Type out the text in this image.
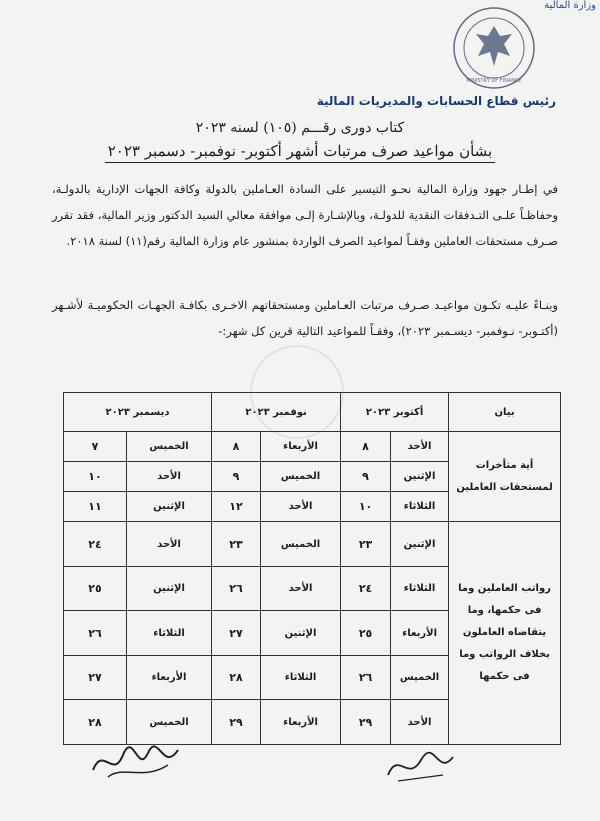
وزارة المالية
MINISTRY OF FINANCE
رئيس قطاع الحسابات والمديريات المالية
كتاب دورى رقـــم (١٠٥) لسنه ٢٠٢٣
بشأن مواعيد صرف مرتبات أشهر أكتوبر- نوفمبر- دسمبر ٢٠٢٣
في إطـار جهود وزارة المالية نحـو التيسير على السادة العـاملين بالدولة وكافة الجهات الإدارية بالدولـة، وحفاظـاً علـى التـدفقات النقدية للدولـة، وبالإشـارة إلـى موافقة معالي السيد الدكتور وزير المالية، فقد تقرر صـرف مستحقات العاملين وفقـاً لمواعيد الصرف الواردة بمنشور عام وزارة المالية رقم(١١) لسنة ٢٠١٨.
وبنـاءً عليـه تكـون مواعيـد صـرف مرتبات العـاملين ومستحقاتهم الاخـرى بكافـة الجهـات الحكوميـة لأشـهر (أكتـوبر- نـوفمبر- ديسـمبر ٢٠٢٣)، وفقـاً للمواعيد التالية قرين كل شهر:-
بيان	أكتوبر ٢٠٢٣		نوفمبر ٢٠٢٣		ديسمبر ٢٠٢٣	
أية متأخرات لمستحقات العاملين	الأحد	٨	الأربعاء	٨	الخميس	٧
	الإثنين	٩	الخميس	٩	الأحد	١٠
	الثلاثاء	١٠	الأحد	١٢	الإثنين	١١
رواتب العاملين وما فى حكمها، وما يتقاضاه العاملون بخلاف الرواتب وما فى حكمها	الإثنين	٢٣	الخميس	٢٣	الأحد	٢٤
	الثلاثاء	٢٤	الأحد	٢٦	الإثنين	٢٥
	الأربعاء	٢٥	الإثنين	٢٧	الثلاثاء	٢٦
	الخميس	٢٦	الثلاثاء	٢٨	الأربعاء	٢٧
	الأحد	٢٩	الأربعاء	٢٩	الخميس	٢٨
